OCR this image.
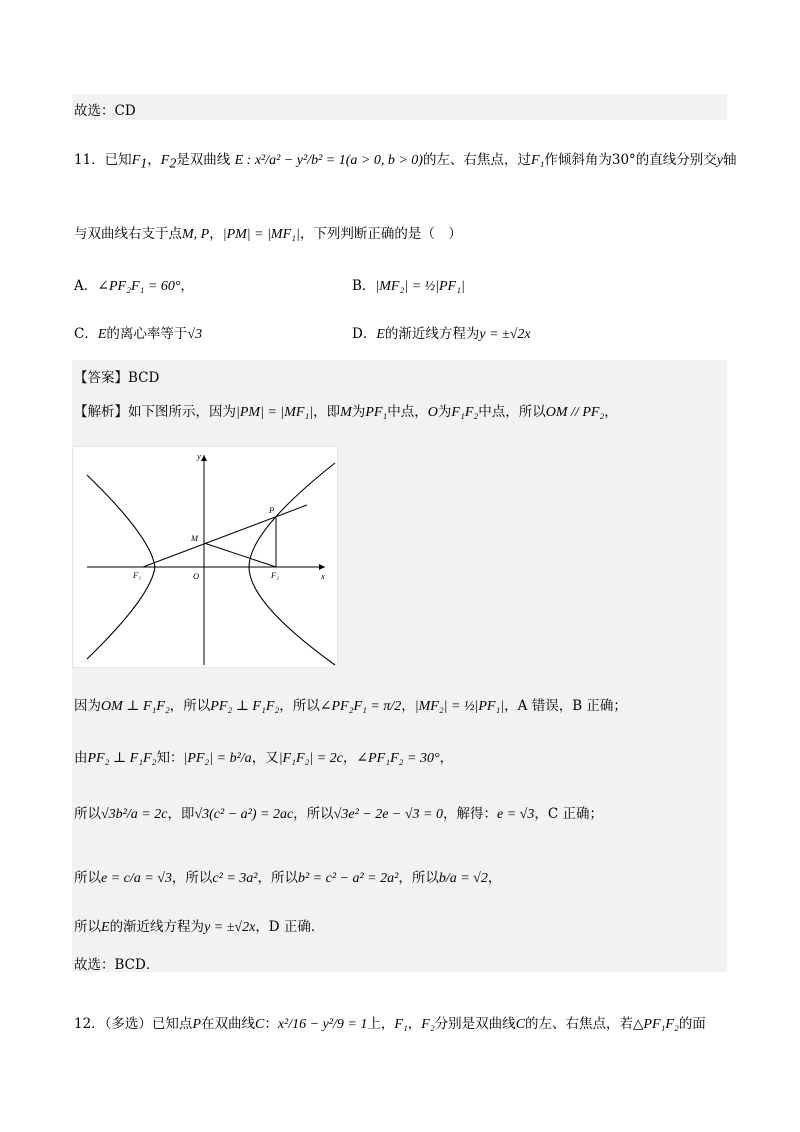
故选：CD
11．已知$F_1$，$F_2$是双曲线 E : x²/a² − y²/b² = 1(a > 0, b > 0)的左、右焦点，过F₁作倾斜角为30°的直线分别交y轴
与双曲线右支于点M, P，|PM| = |MF₁|，下列判断正确的是（　）
A．∠PF₂F₁ = 60°，	B．|MF₂| = ½|PF₁|
C．E的离心率等于√3	D．E的渐近线方程为y = ±√2x
【答案】BCD
【解析】如下图所示，因为|PM| = |MF₁|，即M为PF₁中点，O为F₁F₂中点，所以OM // PF₂，
y
x
M
P
O
F₁	F₂
因为OM ⊥ F₁F₂，所以PF₂ ⊥ F₁F₂，所以∠PF₂F₁ = π/2，|MF₂| = ½|PF₁|，A 错误，B 正确；
由PF₂ ⊥ F₁F₂知：|PF₂| = b²/a，又|F₁F₂| = 2c，∠PF₁F₂ = 30°，
所以√3b²/a = 2c，即√3(c² − a²) = 2ac，所以√3e² − 2e − √3 = 0，解得：e = √3，C 正确；
所以e = c/a = √3，所以c² = 3a²，所以b² = c² − a² = 2a²，所以b/a = √2，
所以E的渐近线方程为y = ±√2x，D 正确．
故选：BCD．
12．（多选）已知点P在双曲线C：x²/16 − y²/9 = 1上，F₁，F₂分别是双曲线C的左、右焦点，若△PF₁F₂的面
